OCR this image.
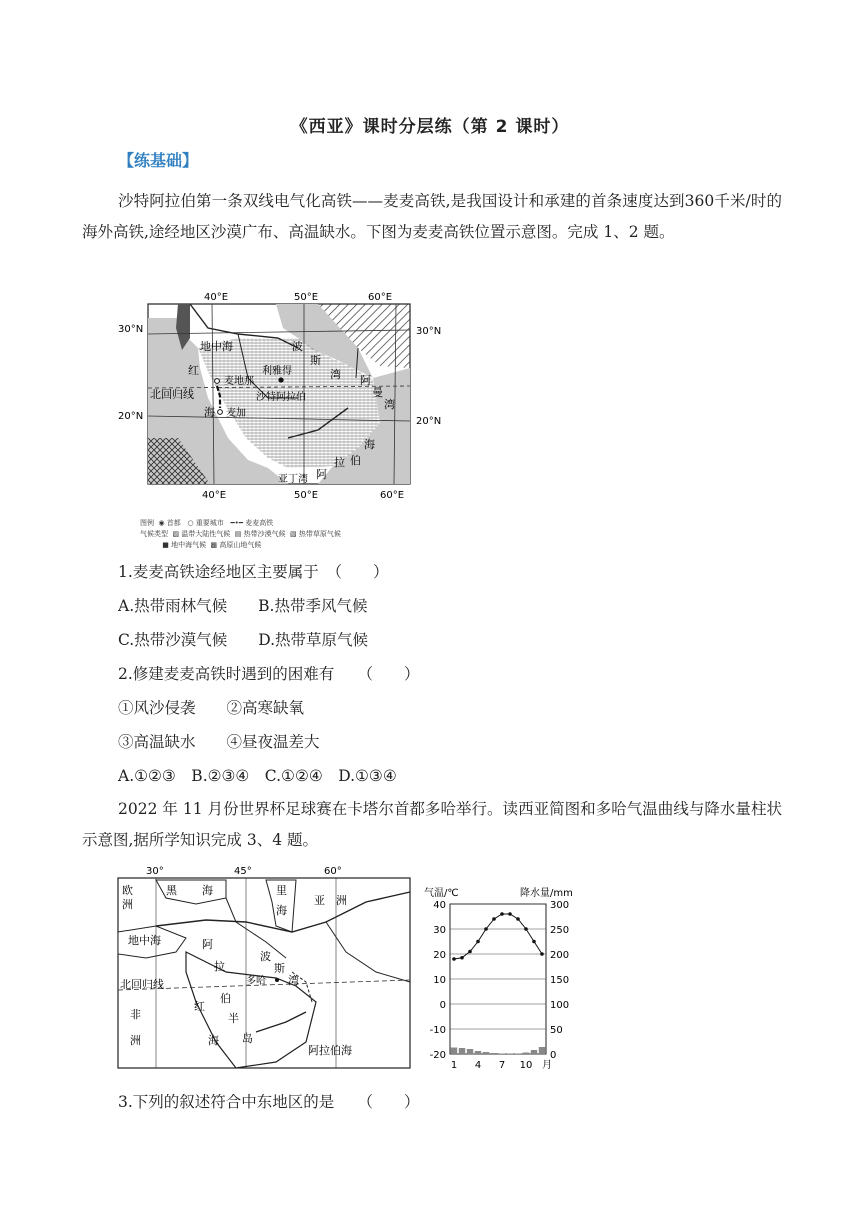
《西亚》课时分层练（第 2 课时）
【练基础】
沙特阿拉伯第一条双线电气化高铁——麦麦高铁,是我国设计和承建的首条速度达到360千米/时的海外高铁,途经地区沙漠广布、高温缺水。下图为麦麦高铁位置示意图。完成 1、2 题。
40°E	50°E	60°E
30°N	30°N
20°N	20°N
40°E	50°E	60°E
地中海	波
斯
湾
利雅得
麦地那
沙特阿拉伯
红
北回归线
海 麦加
阿
曼
湾
海
伯
拉
阿
亚丁湾
图例  ◉ 首都   ○ 重要城市   ━•━ 麦麦高铁
气候类型  ▨ 温带大陆性气候  ▤ 热带沙漠气候  ▧ 热带草原气候
■ 地中海气候  ▩ 高原山地气候
1.麦麦高铁途经地区主要属于　（　　）
A.热带雨林气候　　B.热带季风气候
C.热带沙漠气候　　D.热带草原气候
2.修建麦麦高铁时遇到的困难有　　（　　）
①风沙侵袭　　②高寒缺氧
③高温缺水　　④昼夜温差大
A.①②③　B.②③④　C.①②④　D.①③④
2022 年 11 月份世界杯足球赛在卡塔尔首都多哈举行。读西亚简图和多哈气温曲线与降水量柱状示意图,据所学知识完成 3、4 题。
30°	45°	60°
欧
洲
黑 海	里
海
亚　洲
地中海	阿
拉
伯
半
岛
波
斯
湾
多哈
北回归线
非
洲
红
海
阿拉伯海
40
30
20
10
0
-10
-20
300
250
200
150
100
50
0
1 4 7 10 月
气温/℃	降水量/mm
3.下列的叙述符合中东地区的是　　（　　）
